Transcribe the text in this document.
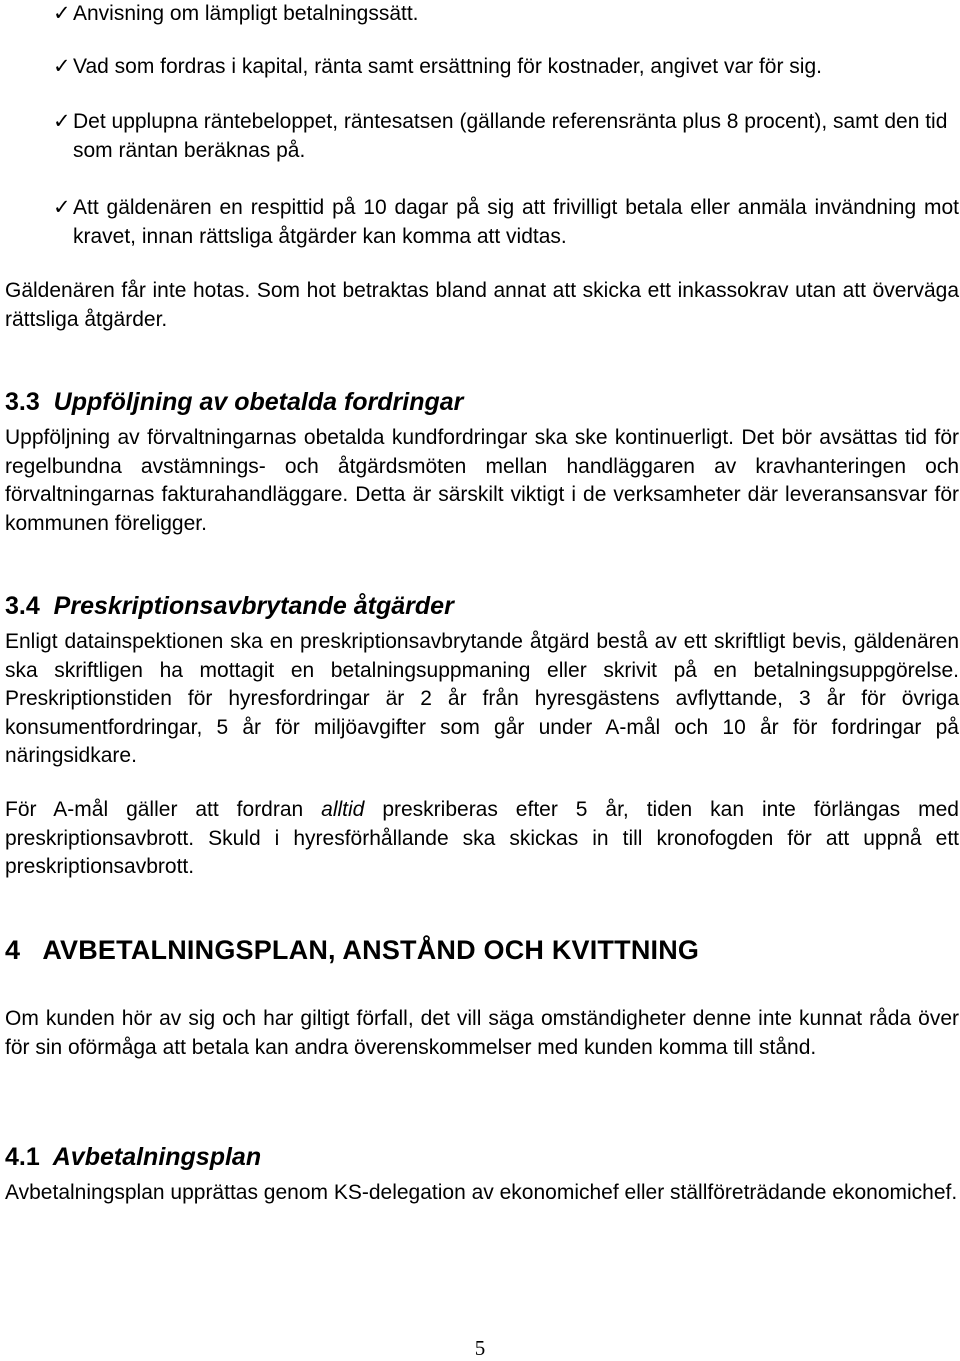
✓ Anvisning om lämpligt betalningssätt.
✓ Vad som fordras i kapital, ränta samt ersättning för kostnader, angivet var för sig.
✓ Det upplupna räntebeloppet, räntesatsen (gällande referensränta plus 8 procent), samt den tid som räntan beräknas på.
✓ Att gäldenären en respittid på 10 dagar på sig att frivilligt betala eller anmäla invändning mot kravet, innan rättsliga åtgärder kan komma att vidtas.

Gäldenären får inte hotas. Som hot betraktas bland annat att skicka ett inkassokrav utan att överväga rättsliga åtgärder.

3.3 Uppföljning av obetalda fordringar

Uppföljning av förvaltningarnas obetalda kundfordringar ska ske kontinuerligt. Det bör avsättas tid för regelbundna avstämnings- och åtgärdsmöten mellan handläggaren av kravhanteringen och förvaltningarnas fakturahandläggare. Detta är särskilt viktigt i de verksamheter där leveransansvar för kommunen föreligger.

3.4 Preskriptionsavbrytande åtgärder

Enligt datainspektionen ska en preskriptionsavbrytande åtgärd bestå av ett skriftligt bevis, gäldenären ska skriftligen ha mottagit en betalningsuppmaning eller skrivit på en betalningsuppgörelse. Preskriptionstiden för hyresfordringar är 2 år från hyresgästens avflyttande, 3 år för övriga konsumentfordringar, 5 år för miljöavgifter som går under A-mål och 10 år för fordringar på näringsidkare.

För A-mål gäller att fordran alltid preskriberas efter 5 år, tiden kan inte förlängas med preskriptionsavbrott. Skuld i hyresförhållande ska skickas in till kronofogden för att uppnå ett preskriptionsavbrott.

4 AVBETALNINGSPLAN, ANSTÅND OCH KVITTNING

Om kunden hör av sig och har giltigt förfall, det vill säga omständigheter denne inte kunnat råda över för sin oförmåga att betala kan andra överenskommelser med kunden komma till stånd.

4.1 Avbetalningsplan

Avbetalningsplan upprättas genom KS-delegation av ekonomichef eller ställföreträdande ekonomichef.

5
